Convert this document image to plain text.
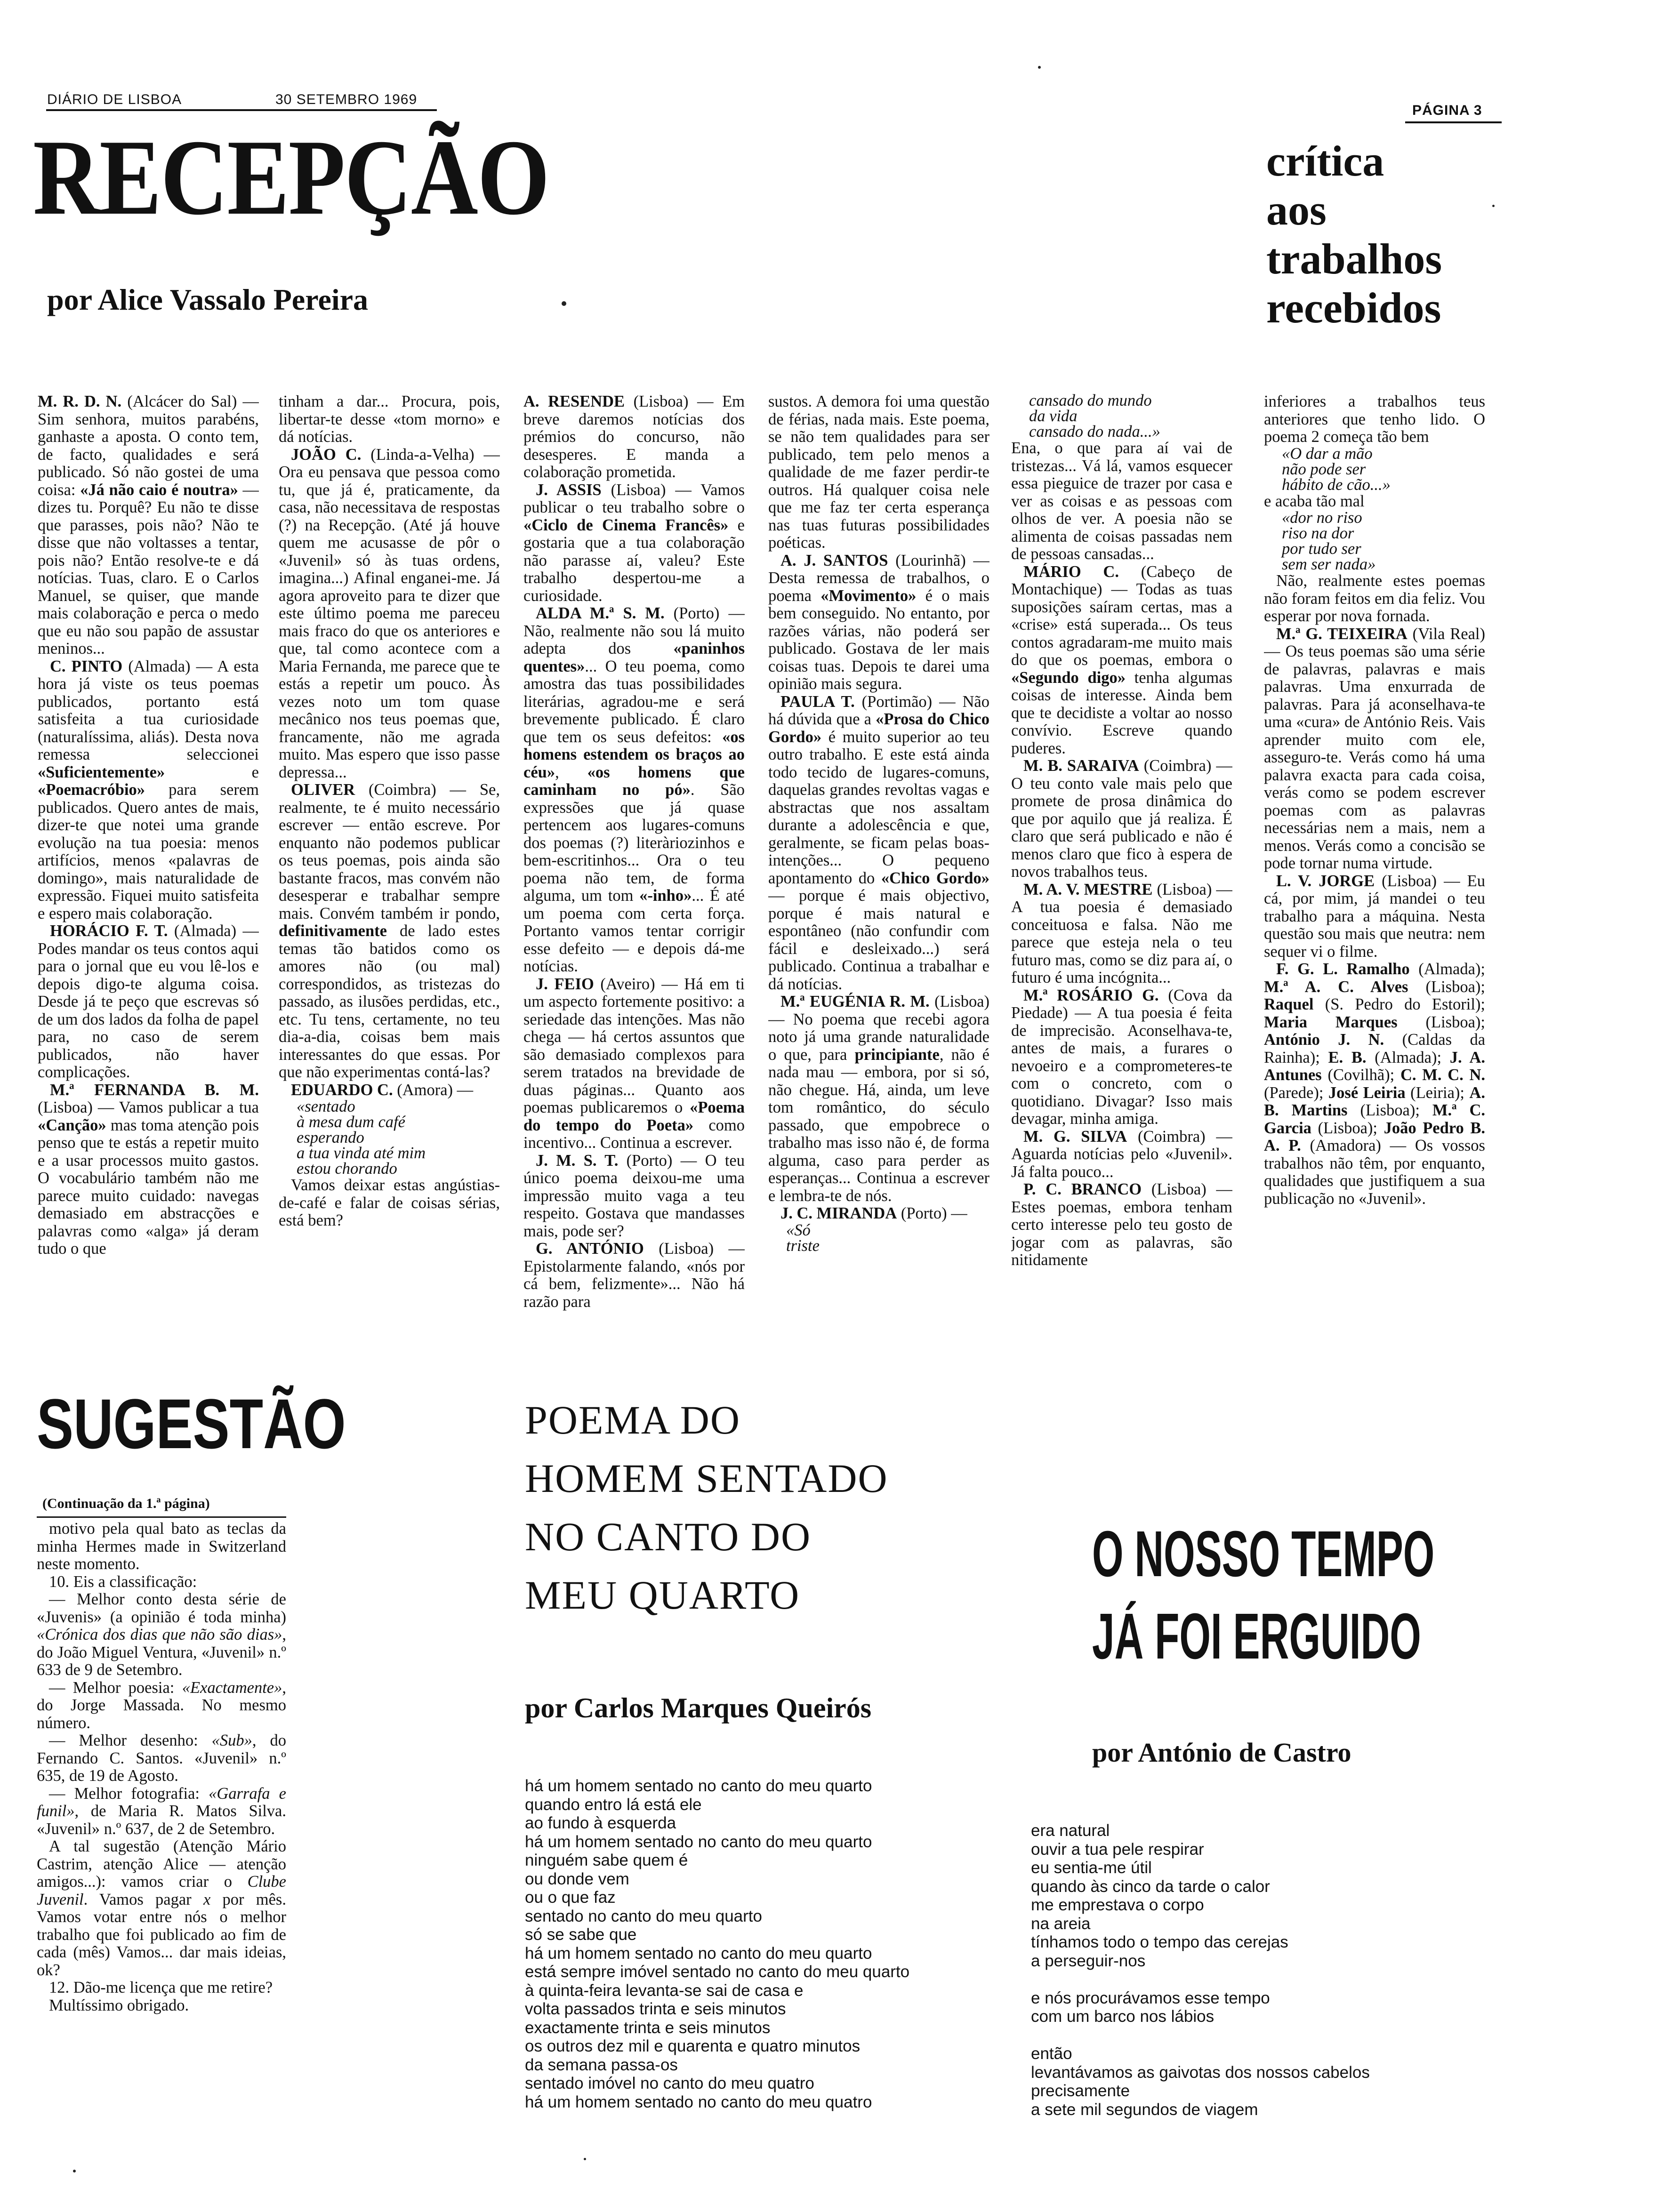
DIÁRIO DE LISBOA	30 SETEMBRO 1969
PÁGINA 3
RECEPÇÃO
por Alice Vassalo Pereira
crítica
aos
trabalhos
recebidos

M. R. D. N. (Alcácer do Sal) — Sim senhora, muitos parabéns, ganhaste a aposta. O conto tem, de facto, qualidades e será publicado. Só não gostei de uma coisa: «Já não caio é noutra» — dizes tu. Porquê? Eu não te disse que parasses, pois não? Não te disse que não voltasses a tentar, pois não? Então resolve-te e dá notícias. Tuas, claro. E o Carlos Manuel, se quiser, que mande mais colaboração e perca o medo que eu não sou papão de assustar meninos...

C. PINTO (Almada) — A esta hora já viste os teus poemas publicados, portanto está satisfeita a tua curiosidade (naturalíssima, aliás). Desta nova remessa seleccionei «Suficientemente» e «Poemacróbio» para serem publicados. Quero antes de mais, dizer-te que notei uma grande evolução na tua poesia: menos artifícios, menos «palavras de domingo», mais naturalidade de expressão. Fiquei muito satisfeita e espero mais colaboração.

HORÁCIO F. T. (Almada) — Podes mandar os teus contos aqui para o jornal que eu vou lê-los e depois digo-te alguma coisa. Desde já te peço que escrevas só de um dos lados da folha de papel para, no caso de serem publicados, não haver complicações.

M.ª FERNANDA B. M. (Lisboa) — Vamos publicar a tua «Canção» mas toma atenção pois penso que te estás a repetir muito e a usar processos muito gastos. O vocabulário também não me parece muito cuidado: navegas demasiado em abstracções e palavras como «alga» já deram tudo o que

tinham a dar... Procura, pois, libertar-te desse «tom morno» e dá notícias.

JOÃO C. (Linda-a-Velha) — Ora eu pensava que pessoa como tu, que já é, praticamente, da casa, não necessitava de respostas (?) na Recepção. (Até já houve quem me acusasse de pôr o «Juvenil» só às tuas ordens, imagina...) Afinal enganei-me. Já agora aproveito para te dizer que este último poema me pareceu mais fraco do que os anteriores e que, tal como acontece com a Maria Fernanda, me parece que te estás a repetir um pouco. Às vezes noto um tom quase mecânico nos teus poemas que, francamente, não me agrada muito. Mas espero que isso passe depressa...

OLIVER (Coimbra) — Se, realmente, te é muito necessário escrever — então escreve. Por enquanto não podemos publicar os teus poemas, pois ainda são bastante fracos, mas convém não desesperar e trabalhar sempre mais. Convém também ir pondo, definitivamente de lado estes temas tão batidos como os amores não (ou mal) correspondidos, as tristezas do passado, as ilusões perdidas, etc., etc. Tu tens, certamente, no teu dia-a-dia, coisas bem mais interessantes do que essas. Por que não experimentas contá-las?

EDUARDO C. (Amora) —

«sentado
à mesa dum café
esperando
a tua vinda até mim
estou chorando

Vamos deixar estas angústias-de-café e falar de coisas sérias, está bem?

A. RESENDE (Lisboa) — Em breve daremos notícias dos prémios do concurso, não desesperes. E manda a colaboração prometida.

J. ASSIS (Lisboa) — Vamos publicar o teu trabalho sobre o «Ciclo de Cinema Francês» e gostaria que a tua colaboração não parasse aí, valeu? Este trabalho despertou-me a curiosidade.

ALDA M.ª S. M. (Porto) — Não, realmente não sou lá muito adepta dos «paninhos quentes»... O teu poema, como amostra das tuas possibilidades literárias, agradou-me e será brevemente publicado. É claro que tem os seus defeitos: «os homens estendem os braços ao céu», «os homens que caminham no pó». São expressões que já quase pertencem aos lugares-comuns dos poemas (?) literàriozinhos e bem-escritinhos... Ora o teu poema não tem, de forma alguma, um tom «-inho»... É até um poema com certa força. Portanto vamos tentar corrigir esse defeito — e depois dá-me notícias.

J. FEIO (Aveiro) — Há em ti um aspecto fortemente positivo: a seriedade das intenções. Mas não chega — há certos assuntos que são demasiado complexos para serem tratados na brevidade de duas páginas... Quanto aos poemas publicaremos o «Poema do tempo do Poeta» como incentivo... Continua a escrever.

J. M. S. T. (Porto) — O teu único poema deixou-me uma impressão muito vaga a teu respeito. Gostava que mandasses mais, pode ser?

G. ANTÓNIO (Lisboa) — Epistolarmente falando, «nós por cá bem, felizmente»... Não há razão para

sustos. A demora foi uma questão de férias, nada mais. Este poema, se não tem qualidades para ser publicado, tem pelo menos a qualidade de me fazer perdir-te outros. Há qualquer coisa nele que me faz ter certa esperança nas tuas futuras possibilidades poéticas.

A. J. SANTOS (Lourinhã) — Desta remessa de trabalhos, o poema «Movimento» é o mais bem conseguido. No entanto, por razões várias, não poderá ser publicado. Gostava de ler mais coisas tuas. Depois te darei uma opinião mais segura.

PAULA T. (Portimão) — Não há dúvida que a «Prosa do Chico Gordo» é muito superior ao teu outro trabalho. E este está ainda todo tecido de lugares-comuns, daquelas grandes revoltas vagas e abstractas que nos assaltam durante a adolescência e que, geralmente, se ficam pelas boas-intenções... O pequeno apontamento do «Chico Gordo» — porque é mais objectivo, porque é mais natural e espontâneo (não confundir com fácil e desleixado...) será publicado. Continua a trabalhar e dá notícias.

M.ª EUGÉNIA R. M. (Lisboa) — No poema que recebi agora noto já uma grande naturalidade o que, para principiante, não é nada mau — embora, por si só, não chegue. Há, ainda, um leve tom romântico, do século passado, que empobrece o trabalho mas isso não é, de forma alguma, caso para perder as esperanças... Continua a escrever e lembra-te de nós.

J. C. MIRANDA (Porto) —

«Só
triste
cansado do mundo
da vida
cansado do nada...»

Ena, o que para aí vai de tristezas... Vá lá, vamos esquecer essa pieguice de trazer por casa e ver as coisas e as pessoas com olhos de ver. A poesia não se alimenta de coisas passadas nem de pessoas cansadas...

MÁRIO C. (Cabeço de Montachique) — Todas as tuas suposições saíram certas, mas a «crise» está superada... Os teus contos agradaram-me muito mais do que os poemas, embora o «Segundo digo» tenha algumas coisas de interesse. Ainda bem que te decidiste a voltar ao nosso convívio. Escreve quando puderes.

M. B. SARAIVA (Coimbra) — O teu conto vale mais pelo que promete de prosa dinâmica do que por aquilo que já realiza. É claro que será publicado e não é menos claro que fico à espera de novos trabalhos teus.

M. A. V. MESTRE (Lisboa) — A tua poesia é demasiado conceituosa e falsa. Não me parece que esteja nela o teu futuro mas, como se diz para aí, o futuro é uma incógnita...

M.ª ROSÁRIO G. (Cova da Piedade) — A tua poesia é feita de imprecisão. Aconselhava-te, antes de mais, a furares o nevoeiro e a comprometeres-te com o concreto, com o quotidiano. Divagar? Isso mais devagar, minha amiga.

M. G. SILVA (Coimbra) — Aguarda notícias pelo «Juvenil». Já falta pouco...

P. C. BRANCO (Lisboa) — Estes poemas, embora tenham certo interesse pelo teu gosto de jogar com as palavras, são nitidamente

inferiores a trabalhos teus anteriores que tenho lido. O poema 2 começa tão bem

«O dar a mão
não pode ser
hábito de cão...»

e acaba tão mal

«dor no riso
riso na dor
por tudo ser
sem ser nada»

Não, realmente estes poemas não foram feitos em dia feliz. Vou esperar por nova fornada.

M.ª G. TEIXEIRA (Vila Real) — Os teus poemas são uma série de palavras, palavras e mais palavras. Uma enxurrada de palavras. Para já aconselhava-te uma «cura» de António Reis. Vais aprender muito com ele, asseguro-te. Verás como há uma palavra exacta para cada coisa, verás como se podem escrever poemas com as palavras necessárias nem a mais, nem a menos. Verás como a concisão se pode tornar numa virtude.

L. V. JORGE (Lisboa) — Eu cá, por mim, já mandei o teu trabalho para a máquina. Nesta questão sou mais que neutra: nem sequer vi o filme.

F. G. L. Ramalho (Almada); M.ª A. C. Alves (Lisboa); Raquel (S. Pedro do Estoril); Maria Marques (Lisboa); António J. N. (Caldas da Rainha); E. B. (Almada); J. A. Antunes (Covilhã); C. M. C. N. (Parede); José Leiria (Leiria); A. B. Martins (Lisboa); M.ª C. Garcia (Lisboa); João Pedro B. A. P. (Amadora) — Os vossos trabalhos não têm, por enquanto, qualidades que justifiquem a sua publicação no «Juvenil».

SUGESTÃO
(Continuação da 1.ª página)

motivo pela qual bato as teclas da minha Hermes made in Switzerland neste momento.

10. Eis a classificação:

— Melhor conto desta série de «Juvenis» (a opinião é toda minha) «Crónica dos dias que não são dias», do João Miguel Ventura, «Juvenil» n.º 633 de 9 de Setembro.

— Melhor poesia: «Exactamente», do Jorge Massada. No mesmo número.

— Melhor desenho: «Sub», do Fernando C. Santos. «Juvenil» n.º 635, de 19 de Agosto.

— Melhor fotografia: «Garrafa e funil», de Maria R. Matos Silva. «Juvenil» n.º 637, de 2 de Setembro.

A tal sugestão (Atenção Mário Castrim, atenção Alice — atenção amigos...): vamos criar o Clube Juvenil. Vamos pagar x por mês. Vamos votar entre nós o melhor trabalho que foi publicado ao fim de cada (mês) Vamos... dar mais ideias, ok?

12. Dão-me licença que me retire?

Multíssimo obrigado.

POEMA DO
HOMEM SENTADO
NO CANTO DO
MEU QUARTO
por Carlos Marques Queirós
há um homem sentado no canto do meu quarto
quando entro lá está ele
ao fundo à esquerda
há um homem sentado no canto do meu quarto
ninguém sabe quem é
ou donde vem
ou o que faz
sentado no canto do meu quarto
só se sabe que
há um homem sentado no canto do meu quarto
está sempre imóvel sentado no canto do meu quarto
à quinta-feira levanta-se sai de casa e
volta passados trinta e seis minutos
exactamente trinta e seis minutos
os outros dez mil e quarenta e quatro minutos
da semana passa-os
sentado imóvel no canto do meu quatro
há um homem sentado no canto do meu quatro
O NOSSO TEMPO
JÁ FOI ERGUIDO
por António de Castro
era natural
ouvir a tua pele respirar
eu sentia-me útil
quando às cinco da tarde o calor
me emprestava o corpo
na areia
tínhamos todo o tempo das cerejas
a perseguir-nos

e nós procurávamos esse tempo
com um barco nos lábios

então
levantávamos as gaivotas dos nossos cabelos
precisamente
a sete mil segundos de viagem
